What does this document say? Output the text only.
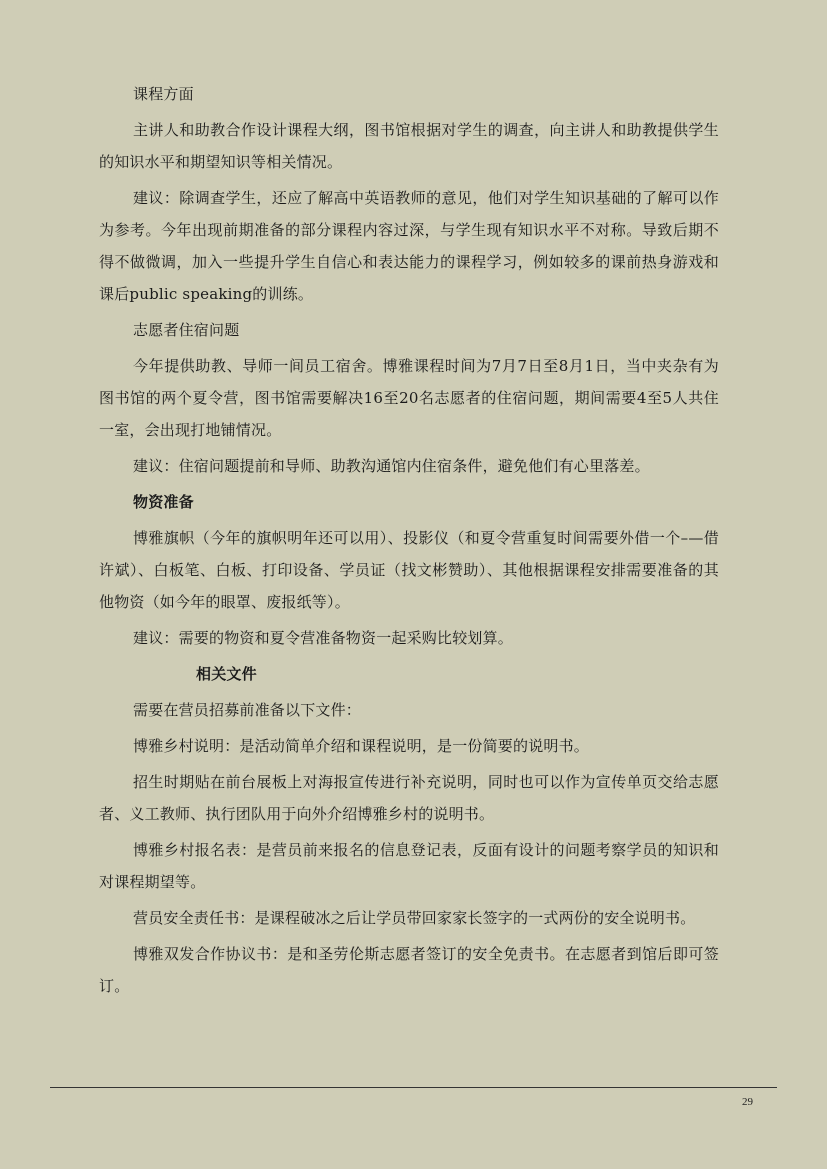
课程方面

主讲人和助教合作设计课程大纲，图书馆根据对学生的调查，向主讲人和助教提供学生的知识水平和期望知识等相关情况。

建议：除调查学生，还应了解高中英语教师的意见，他们对学生知识基础的了解可以作为参考。今年出现前期准备的部分课程内容过深，与学生现有知识水平不对称。导致后期不得不做微调，加入一些提升学生自信心和表达能力的课程学习，例如较多的课前热身游戏和课后public speaking的训练。

志愿者住宿问题

今年提供助教、导师一间员工宿舍。博雅课程时间为7月7日至8月1日，当中夹杂有为图书馆的两个夏令营，图书馆需要解决16至20名志愿者的住宿问题，期间需要4至5人共住一室，会出现打地铺情况。

建议：住宿问题提前和导师、助教沟通馆内住宿条件，避免他们有心里落差。

物资准备

博雅旗帜（今年的旗帜明年还可以用）、投影仪（和夏令营重复时间需要外借一个–—借许斌）、白板笔、白板、打印设备、学员证（找文彬赞助）、其他根据课程安排需要准备的其他物资（如今年的眼罩、废报纸等）。

建议：需要的物资和夏令营准备物资一起采购比较划算。

相关文件

需要在营员招募前准备以下文件：

博雅乡村说明：是活动简单介绍和课程说明，是一份简要的说明书。

招生时期贴在前台展板上对海报宣传进行补充说明，同时也可以作为宣传单页交给志愿者、义工教师、执行团队用于向外介绍博雅乡村的说明书。

博雅乡村报名表：是营员前来报名的信息登记表，反面有设计的问题考察学员的知识和对课程期望等。

营员安全责任书：是课程破冰之后让学员带回家家长签字的一式两份的安全说明书。

博雅双发合作协议书：是和圣劳伦斯志愿者签订的安全免责书。在志愿者到馆后即可签订。

29
